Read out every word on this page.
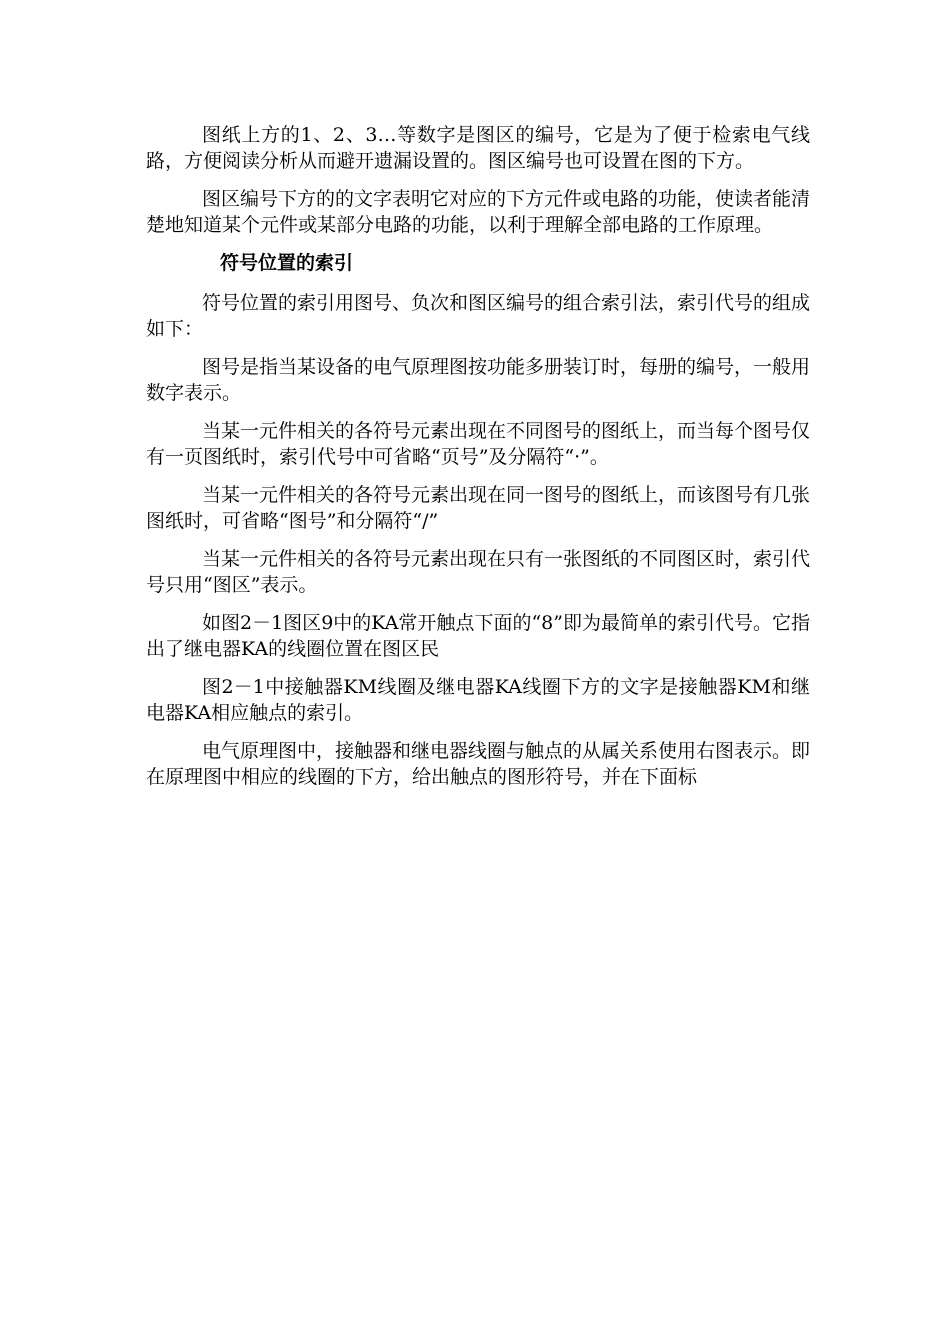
图纸上方的1、2、3…等数字是图区的编号，它是为了便于检索电气线路，方便阅读分析从而避开遗漏设置的。图区编号也可设置在图的下方。

图区编号下方的的文字表明它对应的下方元件或电路的功能，使读者能清楚地知道某个元件或某部分电路的功能，以利于理解全部电路的工作原理。

符号位置的索引

符号位置的索引用图号、负次和图区编号的组合索引法，索引代号的组成如下：

图号是指当某设备的电气原理图按功能多册装订时，每册的编号，一般用数字表示。

当某一元件相关的各符号元素出现在不同图号的图纸上，而当每个图号仅有一页图纸时，索引代号中可省略“页号”及分隔符“·”。

当某一元件相关的各符号元素出现在同一图号的图纸上，而该图号有几张图纸时，可省略“图号”和分隔符“/”

当某一元件相关的各符号元素出现在只有一张图纸的不同图区时，索引代号只用“图区”表示。

如图2－1图区9中的KA常开触点下面的“8”即为最简单的索引代号。它指出了继电器KA的线圈位置在图区民

图2－1中接触器KM线圈及继电器KA线圈下方的文字是接触器KM和继电器KA相应触点的索引。

电气原理图中，接触器和继电器线圈与触点的从属关系使用右图表示。即在原理图中相应的线圈的下方，给出触点的图形符号，并在下面标
